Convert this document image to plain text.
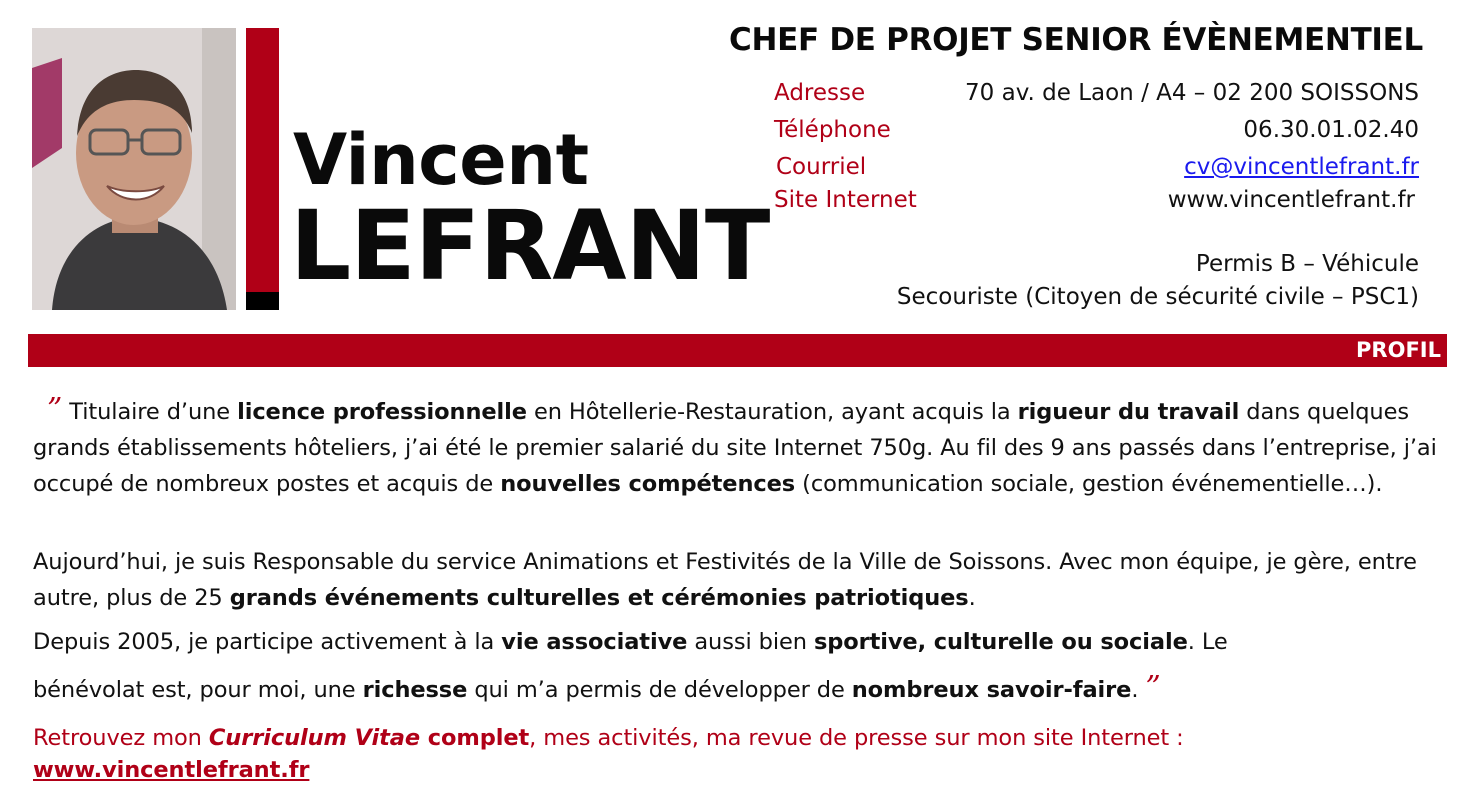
Vincent
LEFRANT
CHEF DE PROJET SENIOR ÉVÈNEMENTIEL
Adresse	70 av. de Laon / A4 – 02 200 SOISSONS
Téléphone	06.30.01.02.40
Courriel	cv@vincentlefrant.fr
Site Internet	www.vincentlefrant.fr
Permis B – Véhicule
Secouriste (Citoyen de sécurité civile – PSC1)
PROFIL
” Titulaire d’une licence professionnelle en Hôtellerie-Restauration, ayant acquis la rigueur du travail dans quelques grands établissements hôteliers, j’ai été le premier salarié du site Internet 750g. Au fil des 9 ans passés dans l’entreprise, j’ai occupé de nombreux postes et acquis de nouvelles compétences (communication sociale, gestion événementielle…).
Aujourd’hui, je suis Responsable du service Animations et Festivités de la Ville de Soissons. Avec mon équipe, je gère, entre autre, plus de 25 grands événements culturelles et cérémonies patriotiques.
Depuis 2005, je participe activement à la vie associative aussi bien sportive, culturelle ou sociale. Le
bénévolat est, pour moi, une richesse qui m’a permis de développer de nombreux savoir-faire. ”
Retrouvez mon Curriculum Vitae complet, mes activités, ma revue de presse sur mon site Internet :
www.vincentlefrant.fr
